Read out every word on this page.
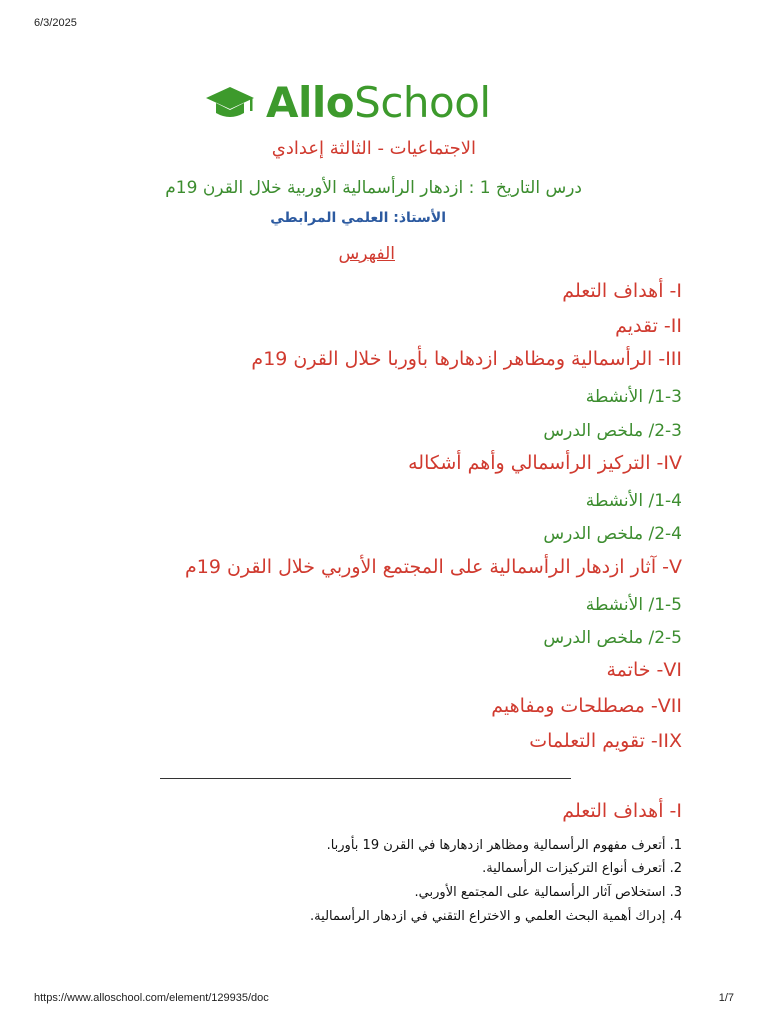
6/3/2025
AlloSchool
الاجتماعيات - الثالثة إعدادي
درس التاريخ 1 : ازدهار الرأسمالية الأوربية خلال القرن 19م
الأستاذ: العلمي المرابطي
الفهرس
I- أهداف التعلم
II- تقديم
III- الرأسمالية ومظاهر ازدهارها بأوربا خلال القرن 19م
1-3/ الأنشطة
2-3/ ملخص الدرس
IV- التركيز الرأسمالي وأهم أشكاله
1-4/ الأنشطة
2-4/ ملخص الدرس
V- آثار ازدهار الرأسمالية على المجتمع الأوربي خلال القرن 19م
1-5/ الأنشطة
2-5/ ملخص الدرس
VI- خاتمة
VII- مصطلحات ومفاهيم
IIX- تقويم التعلمات
I- أهداف التعلم
1. أتعرف مفهوم الرأسمالية ومظاهر ازدهارها في القرن 19 بأوربا.
2. أتعرف أنواع التركيزات الرأسمالية.
3. استخلاص آثار الرأسمالية على المجتمع الأوربي.
4. إدراك أهمية البحث العلمي و الاختراع التقني في ازدهار الرأسمالية.
https://www.alloschool.com/element/129935/doc	1/7
